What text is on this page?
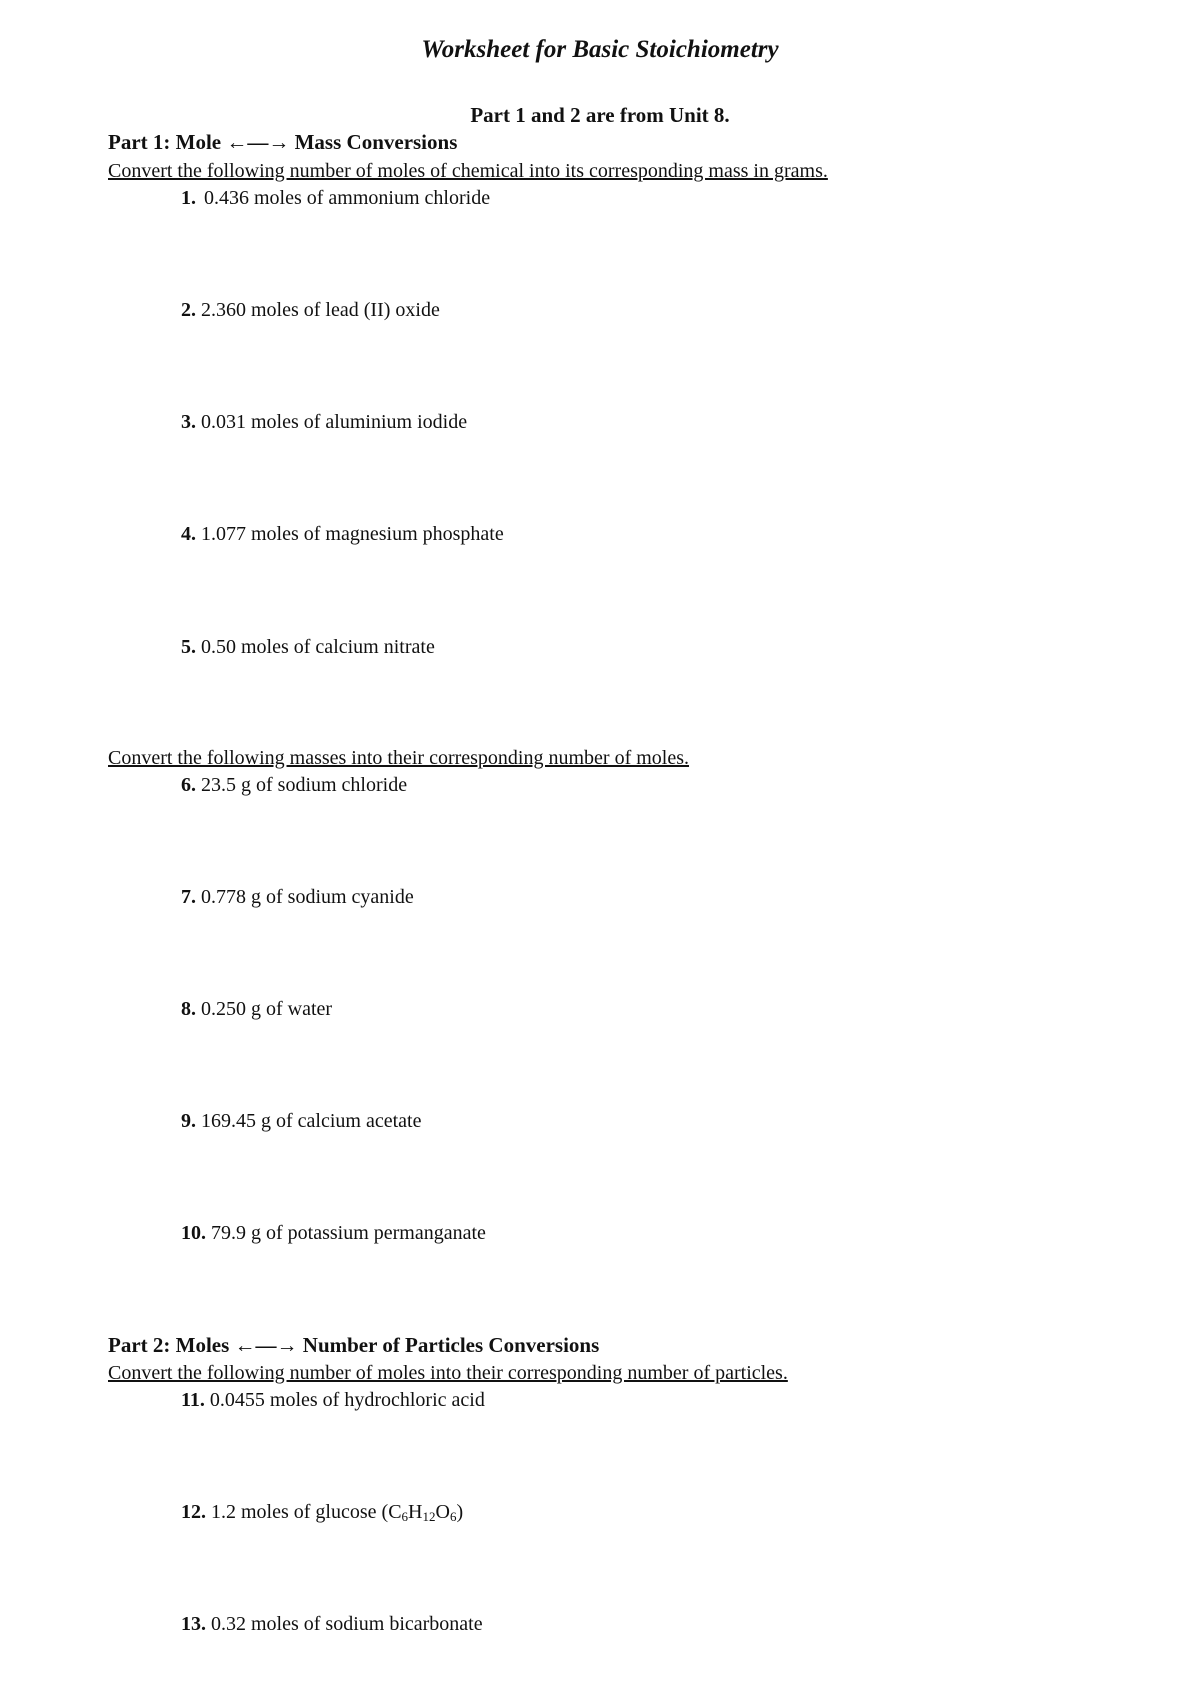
Worksheet for Basic Stoichiometry
Part 1 and 2 are from Unit 8.
Part 1: Mole ←—→ Mass Conversions
Convert the following number of moles of chemical into its corresponding mass in grams.
1. 0.436 moles of ammonium chloride
2. 2.360 moles of lead (II) oxide
3. 0.031 moles of aluminium iodide
4. 1.077 moles of magnesium phosphate
5. 0.50 moles of calcium nitrate
Convert the following masses into their corresponding number of moles.
6. 23.5 g of sodium chloride
7. 0.778 g of sodium cyanide
8. 0.250 g of water
9. 169.45 g of calcium acetate
10. 79.9 g of potassium permanganate
Part 2: Moles ←—→ Number of Particles Conversions
Convert the following number of moles into their corresponding number of particles.
11. 0.0455 moles of hydrochloric acid
12. 1.2 moles of glucose $(C_6H_{12}O_6)$
13. 0.32 moles of sodium bicarbonate
